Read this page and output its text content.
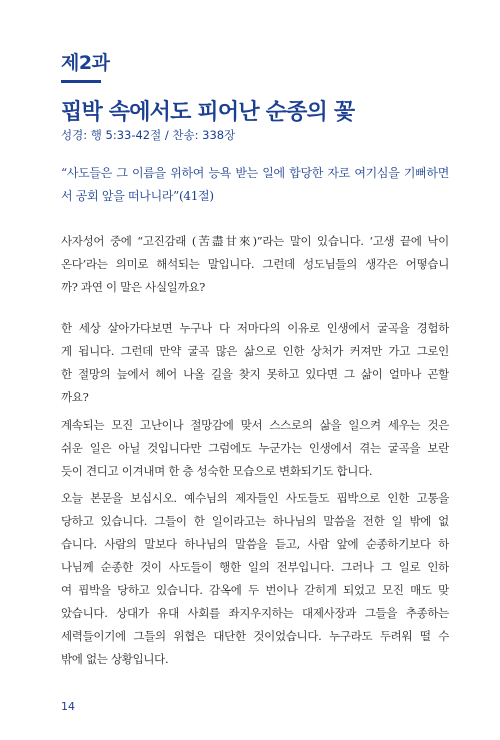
제2과
핍박 속에서도 피어난 순종의 꽃
성경: 행 5:33-42절 / 찬송: 338장
“사도들은 그 이름을 위하여 능욕 받는 일에 합당한 자로 여기심을 기뻐하면
서 공회 앞을 떠나니라”(41절)
사자성어 중에 “고진감래 (苦盡甘來)”라는 말이 있습니다. ‘고생 끝에 낙이
온다’라는 의미로 해석되는 말입니다. 그런데 성도님들의 생각은 어떻습니
까? 과연 이 말은 사실일까요?
한 세상 살아가다보면 누구나 다 저마다의 이유로 인생에서 굴곡을 경험하
게 됩니다. 그런데 만약 굴곡 많은 삶으로 인한 상처가 커져만 가고 그로인
한 절망의 늪에서 헤어 나올 길을 찾지 못하고 있다면 그 삶이 얼마나 곤할
까요?
계속되는 모진 고난이나 절망감에 맞서 스스로의 삶을 일으켜 세우는 것은
쉬운 일은 아닐 것입니다만 그럼에도 누군가는 인생에서 겪는 굴곡을 보란
듯이 견디고 이겨내며 한 층 성숙한 모습으로 변화되기도 합니다.
오늘 본문을 보십시오. 예수님의 제자들인 사도들도 핍박으로 인한 고통을
당하고 있습니다. 그들이 한 일이라고는 하나님의 말씀을 전한 일 밖에 없
습니다. 사람의 말보다 하나님의 말씀을 듣고, 사람 앞에 순종하기보다 하
나님께 순종한 것이 사도들이 행한 일의 전부입니다. 그러나 그 일로 인하
여 핍박을 당하고 있습니다. 감옥에 두 번이나 갇히게 되었고 모진 매도 맞
았습니다. 상대가 유대 사회를 좌지우지하는 대제사장과 그들을 추종하는
세력들이기에 그들의 위협은 대단한 것이었습니다. 누구라도 두려워 떨 수
밖에 없는 상황입니다.
14
